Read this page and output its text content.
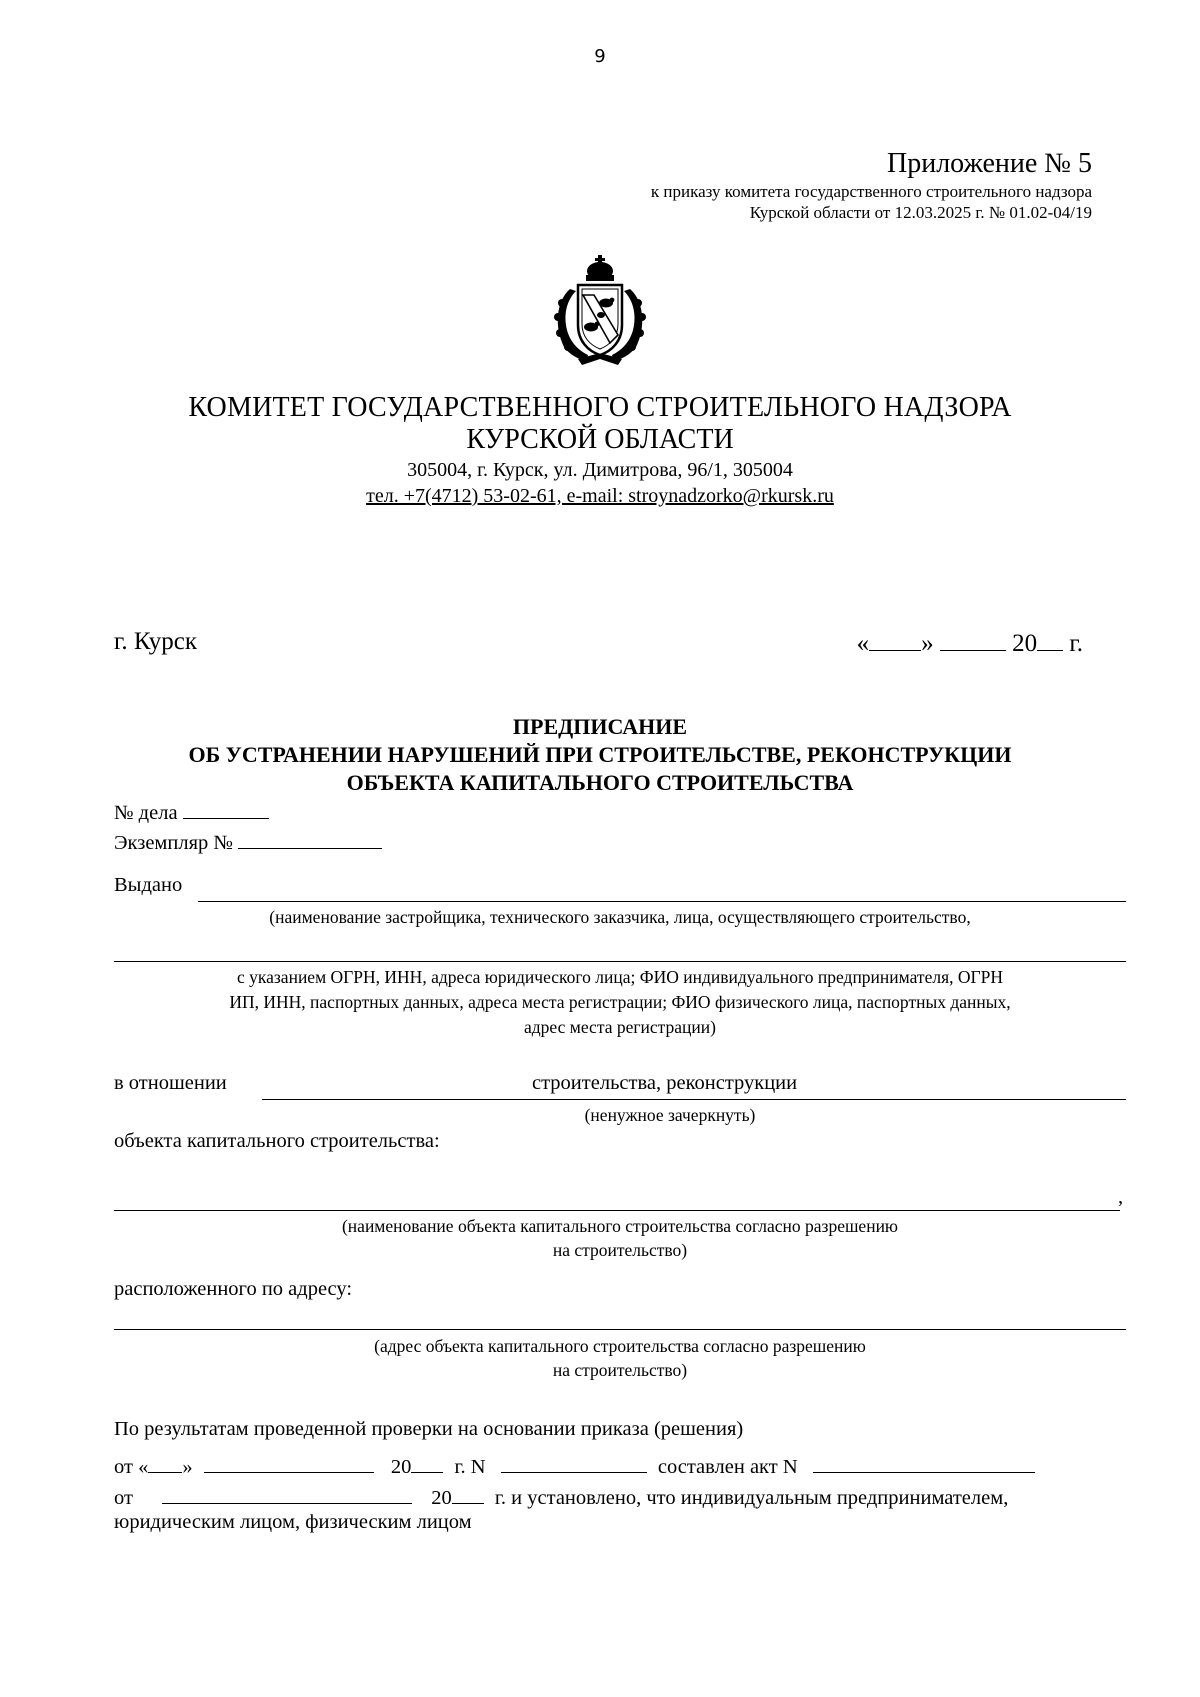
9
Приложение № 5
к приказу комитета государственного строительного надзора
Курской области от 12.03.2025 г. № 01.02-04/19
КОМИТЕТ ГОСУДАРСТВЕННОГО СТРОИТЕЛЬНОГО НАДЗОРА
КУРСКОЙ ОБЛАСТИ
305004, г. Курск, ул. Димитрова, 96/1, 305004
тел. +7(4712) 53-02-61, e-mail: stroynadzorko@rkursk.ru
г. Курск	« »	20 г.
ПРЕДПИСАНИЕ
ОБ УСТРАНЕНИИ НАРУШЕНИЙ ПРИ СТРОИТЕЛЬСТВЕ, РЕКОНСТРУКЦИИ
ОБЪЕКТА КАПИТАЛЬНОГО СТРОИТЕЛЬСТВА
№ дела
Экземпляр №
Выдано
(наименование застройщика, технического заказчика, лица, осуществляющего строительство,
с указанием ОГРН, ИНН, адреса юридического лица; ФИО индивидуального предпринимателя, ОГРН
ИП, ИНН, паспортных данных, адреса места регистрации; ФИО физического лица, паспортных данных,
адрес места регистрации)
в отношении	строительства, реконструкции
(ненужное зачеркнуть)
объекта капитального строительства:
,
(наименование объекта капитального строительства согласно разрешению
на строительство)
расположенного по адресу:
(адрес объекта капитального строительства согласно разрешению
на строительство)
По результатам проведенной проверки на основании приказа (решения)
от « »	20 г. N	составлен акт N
от	20 г. и установлено, что индивидуальным предпринимателем,
юридическим лицом, физическим лицом
